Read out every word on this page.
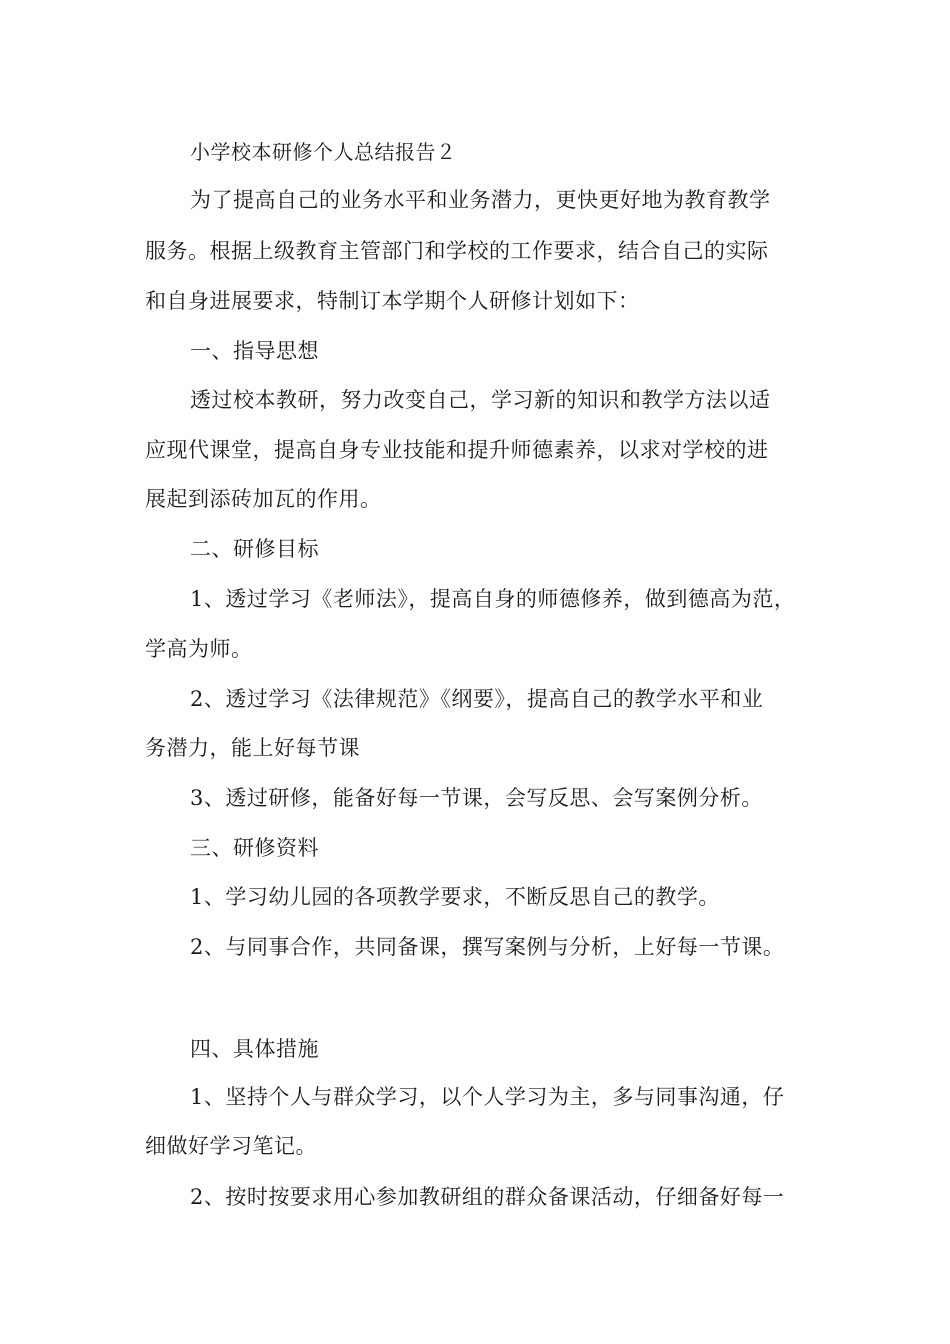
小学校本研修个人总结报告２
为了提高自己的业务水平和业务潜力，更快更好地为教育教学
服务。根据上级教育主管部门和学校的工作要求，结合自己的实际
和自身进展要求，特制订本学期个人研修计划如下：
一、指导思想
透过校本教研，努力改变自己，学习新的知识和教学方法以适
应现代课堂，提高自身专业技能和提升师德素养，以求对学校的进
展起到添砖加瓦的作用。
二、研修目标
1、透过学习《老师法》，提高自身的师德修养，做到德高为范，
学高为师。
2、透过学习《法律规范》《纲要》，提高自己的教学水平和业
务潜力，能上好每节课
3、透过研修，能备好每一节课，会写反思、会写案例分析。
三、研修资料
1、学习幼儿园的各项教学要求，不断反思自己的教学。
2、与同事合作，共同备课，撰写案例与分析，上好每一节课。
四、具体措施
1、坚持个人与群众学习，以个人学习为主，多与同事沟通，仔
细做好学习笔记。
2、按时按要求用心参加教研组的群众备课活动，仔细备好每一
